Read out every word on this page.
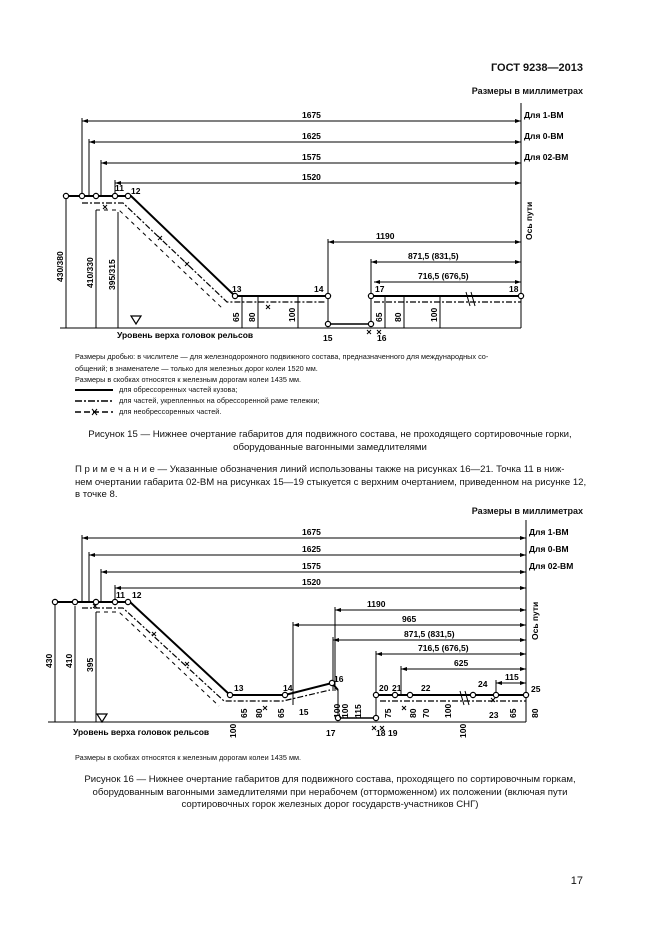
ГОСТ 9238—2013
Размеры в миллиметрах
1675
1625
1575
1520
1190
871,5 (831,5)
716,5 (676,5)
Для 1-ВМ
Для 0-ВМ
Для 02-ВМ
Ось пути
430/380 410/330 395/315
65 80	100	65 80	100
11 12
13	14
15	16
17	18
Уровень верха головок рельсов
1675
1625
1575
1520
1190
965
871,5 (831,5)
716,5 (676,5)
625
115
Для 1-ВМ
Для 0-ВМ
Для 02-ВМ
Ось пути
430 410 395
65 80
100
65	100 115 75	70	65
80
100	100
100
80
11 12
13	14
15
16
17	18 19
20 21 22
23
24	25
Уровень верха головок рельсов
Размеры дробью: в числителе — для железнодорожного подвижного состава, предназначенного для международных со-
общений; в знаменателе — только для железных дорог колеи 1520 мм.
Размеры в скобках относятся к железным дорогам колеи 1435 мм.
для обрессоренных частей кузова;
для частей, укрепленных на обрессоренной раме тележки;
для необрессоренных частей.
Рисунок 15 — Нижнее очертание габаритов для подвижного состава, не проходящего сортировочные горки,
оборудованные вагонными замедлителями
П р и м е ч а н и е — Указанные обозначения линий использованы также на рисунках 16—21. Точка 11 в ниж-
нем очертании габарита 02-ВМ на рисунках 15—19 стыкуется с верхним очертанием, приведенном на рисунке 12,
в точке 8.
Размеры в миллиметрах
Размеры в скобках относятся к железным дорогам колеи 1435 мм.
Рисунок 16 — Нижнее очертание габаритов для подвижного состава, проходящего по сортировочным горкам,
оборудованным вагонными замедлителями при нерабочем (отторможенном) их положении (включая пути
сортировочных горок железных дорог государств-участников СНГ)
17
